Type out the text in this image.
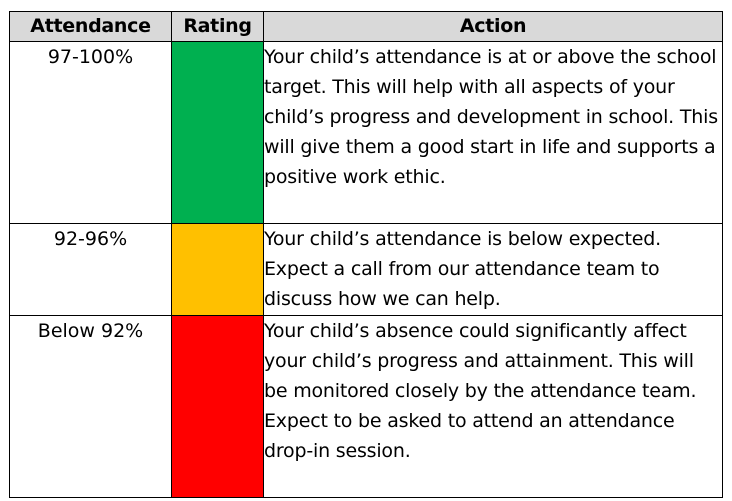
Attendance	Rating	Action
97-100%		Your child’s attendance is at or above the school target. This will help with all aspects of your child’s progress and development in school. This will give them a good start in life and supports a positive work ethic.
92-96%		Your child’s attendance is below expected. Expect a call from our attendance team to discuss how we can help.
Below 92%		Your child’s absence could significantly affect your child’s progress and attainment. This will be monitored closely by the attendance team. Expect to be asked to attend an attendance drop-in session.
